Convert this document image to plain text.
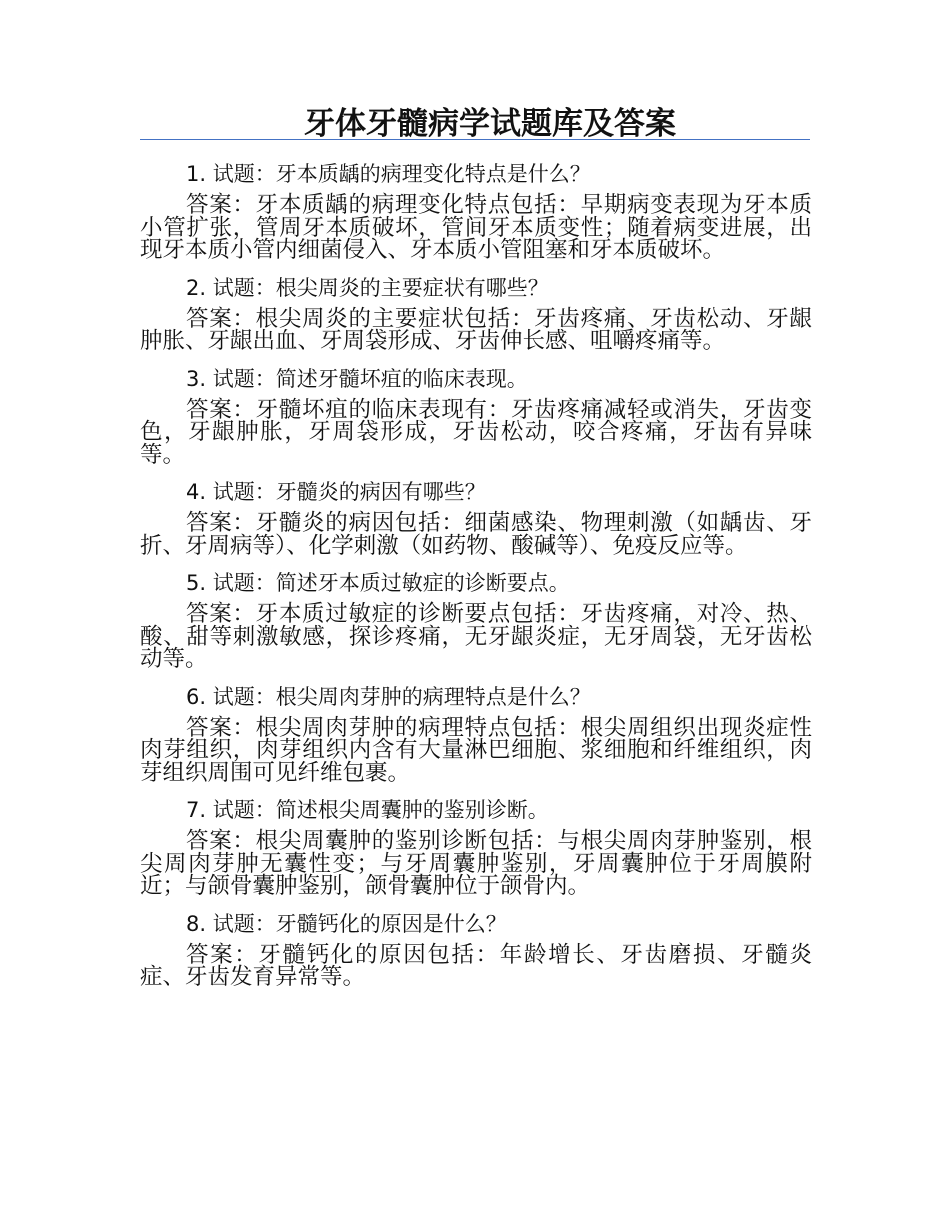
牙体牙髓病学试题库及答案

1. 试题：牙本质龋的病理变化特点是什么？

答案：牙本质龋的病理变化特点包括：早期病变表现为牙本质小管扩张，管周牙本质破坏，管间牙本质变性；随着病变进展，出现牙本质小管内细菌侵入、牙本质小管阻塞和牙本质破坏。

2. 试题：根尖周炎的主要症状有哪些？

答案：根尖周炎的主要症状包括：牙齿疼痛、牙齿松动、牙龈肿胀、牙龈出血、牙周袋形成、牙齿伸长感、咀嚼疼痛等。

3. 试题：简述牙髓坏疽的临床表现。

答案：牙髓坏疽的临床表现有：牙齿疼痛减轻或消失，牙齿变色，牙龈肿胀，牙周袋形成，牙齿松动，咬合疼痛，牙齿有异味等。

4. 试题：牙髓炎的病因有哪些？

答案：牙髓炎的病因包括：细菌感染、物理刺激（如龋齿、牙折、牙周病等）、化学刺激（如药物、酸碱等）、免疫反应等。

5. 试题：简述牙本质过敏症的诊断要点。

答案：牙本质过敏症的诊断要点包括：牙齿疼痛，对冷、热、酸、甜等刺激敏感，探诊疼痛，无牙龈炎症，无牙周袋，无牙齿松动等。

6. 试题：根尖周肉芽肿的病理特点是什么？

答案：根尖周肉芽肿的病理特点包括：根尖周组织出现炎症性肉芽组织，肉芽组织内含有大量淋巴细胞、浆细胞和纤维组织，肉芽组织周围可见纤维包裹。

7. 试题：简述根尖周囊肿的鉴别诊断。

答案：根尖周囊肿的鉴别诊断包括：与根尖周肉芽肿鉴别，根尖周肉芽肿无囊性变；与牙周囊肿鉴别，牙周囊肿位于牙周膜附近；与颌骨囊肿鉴别，颌骨囊肿位于颌骨内。

8. 试题：牙髓钙化的原因是什么？

答案：牙髓钙化的原因包括：年龄增长、牙齿磨损、牙髓炎症、牙齿发育异常等。
